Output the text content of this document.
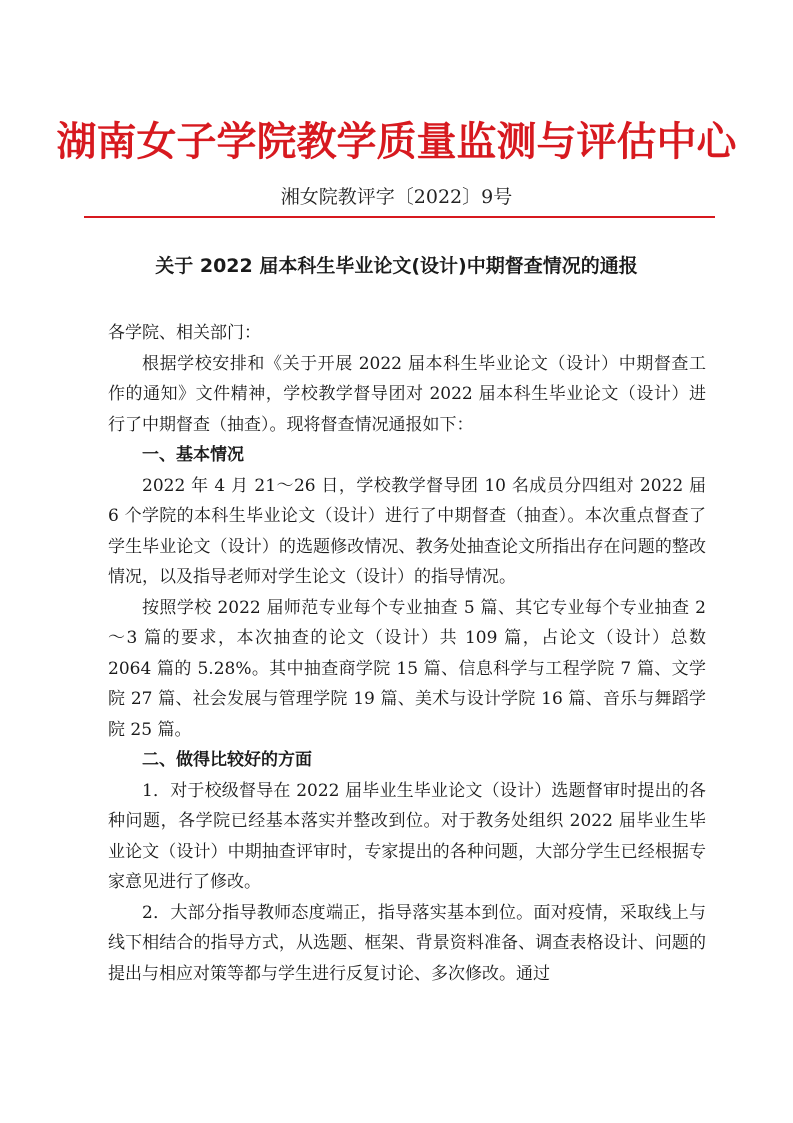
湖南女子学院教学质量监测与评估中心
湘女院教评字〔2022〕9号
关于 2022 届本科生毕业论文(设计)中期督查情况的通报

各学院、相关部门：

根据学校安排和《关于开展 2022 届本科生毕业论文（设计）中期督查工作的通知》文件精神，学校教学督导团对 2022 届本科生毕业论文（设计）进行了中期督查（抽查）。现将督查情况通报如下：

一、基本情况

2022 年 4 月 21～26 日，学校教学督导团 10 名成员分四组对 2022 届 6 个学院的本科生毕业论文（设计）进行了中期督查（抽查）。本次重点督查了学生毕业论文（设计）的选题修改情况、教务处抽查论文所指出存在问题的整改情况，以及指导老师对学生论文（设计）的指导情况。

按照学校 2022 届师范专业每个专业抽查 5 篇、其它专业每个专业抽查 2～3 篇的要求，本次抽查的论文（设计）共 109 篇，占论文（设计）总数 2064 篇的 5.28%。其中抽查商学院 15 篇、信息科学与工程学院 7 篇、文学院 27 篇、社会发展与管理学院 19 篇、美术与设计学院 16 篇、音乐与舞蹈学院 25 篇。

二、做得比较好的方面

1．对于校级督导在 2022 届毕业生毕业论文（设计）选题督审时提出的各种问题，各学院已经基本落实并整改到位。对于教务处组织 2022 届毕业生毕业论文（设计）中期抽查评审时，专家提出的各种问题，大部分学生已经根据专家意见进行了修改。

2．大部分指导教师态度端正，指导落实基本到位。面对疫情，采取线上与线下相结合的指导方式，从选题、框架、背景资料准备、调查表格设计、问题的提出与相应对策等都与学生进行反复讨论、多次修改。通过
